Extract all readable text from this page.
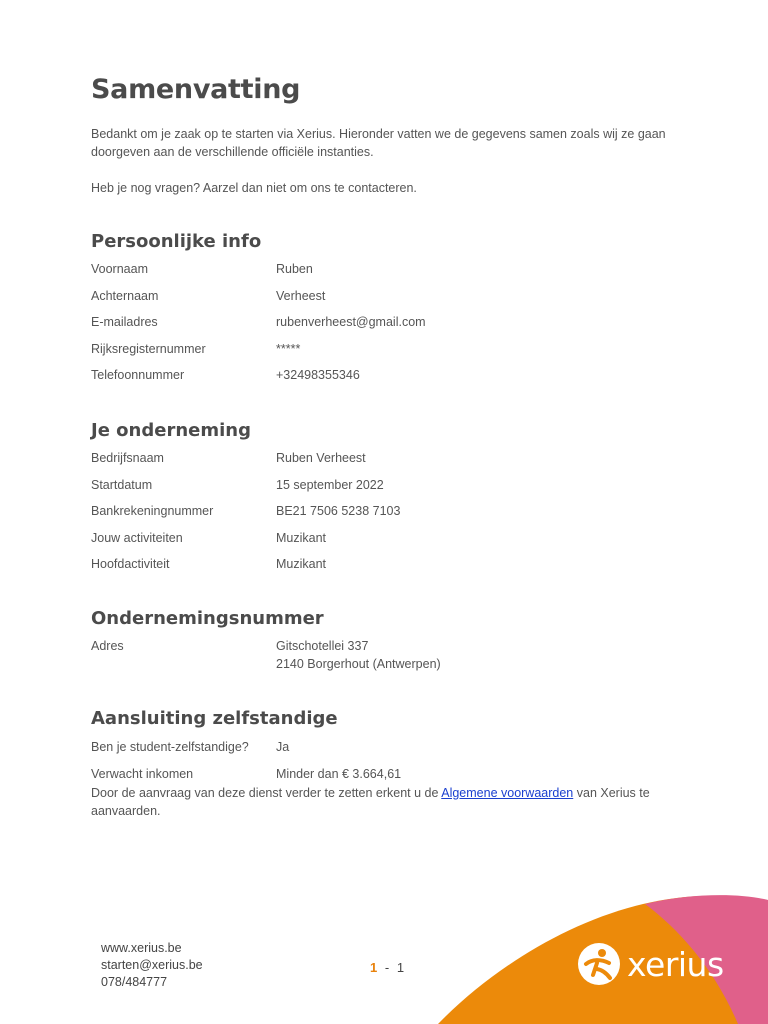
Samenvatting

Bedankt om je zaak op te starten via Xerius. Hieronder vatten we de gegevens samen zoals wij ze gaan doorgeven aan de verschillende officiële instanties.

Heb je nog vragen? Aarzel dan niet om ons te contacteren.

Persoonlijke info
Voornaam	Ruben
Achternaam	Verheest
E-mailadres	rubenverheest@gmail.com
Rijksregisternummer	*****
Telefoonnummer	+32498355346
Je onderneming
Bedrijfsnaam	Ruben Verheest
Startdatum	15 september 2022
Bankrekeningnummer	BE21 7506 5238 7103
Jouw activiteiten	Muzikant
Hoofdactiviteit	Muzikant
Ondernemingsnummer
Adres	Gitschotellei 337
2140 Borgerhout (Antwerpen)
Aansluiting zelfstandige
Ben je student-zelfstandige?	Ja
Verwacht inkomen	Minder dan € 3.664,61

Door de aanvraag van deze dienst verder te zetten erkent u de Algemene voorwaarden van Xerius te aanvaarden.

www.xerius.be
starten@xerius.be
078/484777
1 - 1	xerius
